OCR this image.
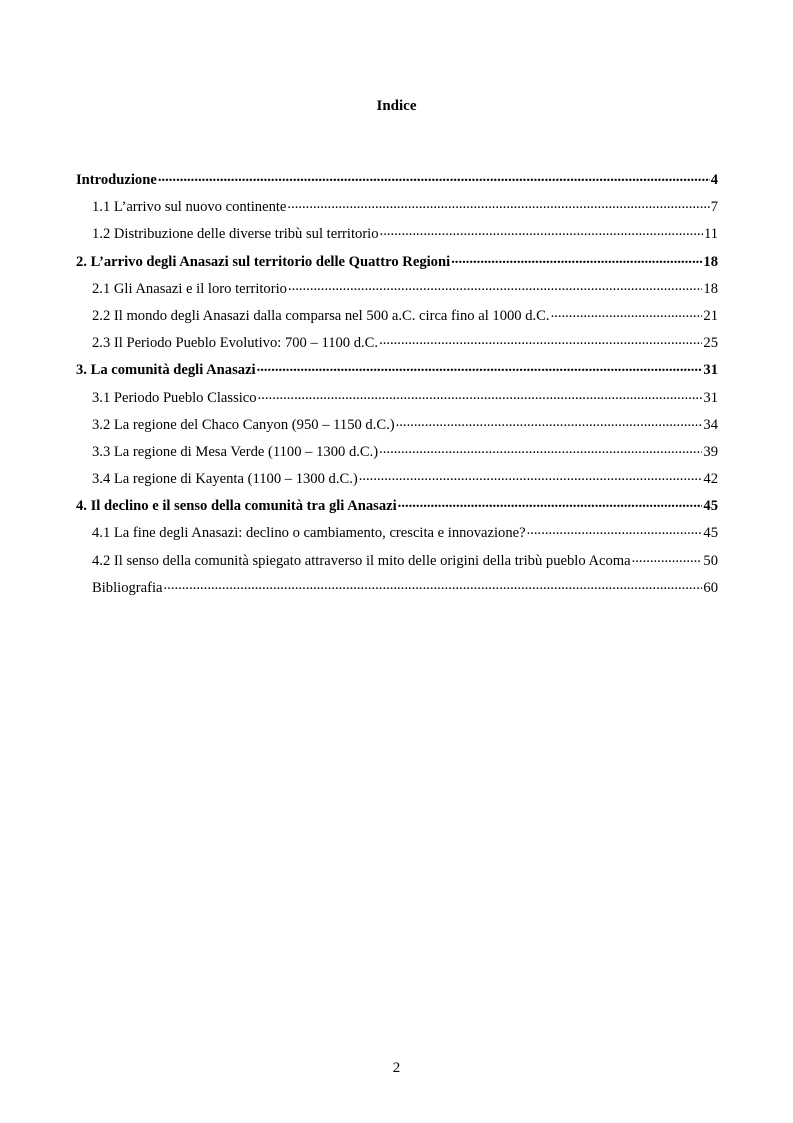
Indice
Introduzione .....	4
1.1 L’arrivo sul nuovo continente .....	7
1.2 Distribuzione delle diverse tribù sul territorio .....	11
2. L’arrivo degli Anasazi sul territorio delle Quattro Regioni .....	18
2.1 Gli Anasazi e il loro territorio .....	18
2.2 Il mondo degli Anasazi dalla comparsa nel 500 a.C. circa fino al 1000 d.C. .....	21
2.3 Il Periodo Pueblo Evolutivo: 700 – 1100 d.C. .....	25
3. La comunità degli Anasazi .....	31
3.1 Periodo Pueblo Classico .....	31
3.2 La regione del Chaco Canyon (950 – 1150 d.C.) .....	34
3.3 La regione di Mesa Verde (1100 – 1300 d.C.) .....	39
3.4 La regione di Kayenta (1100 – 1300 d.C.) .....	42
4. Il declino e il senso della comunità tra gli Anasazi .....	45
4.1 La fine degli Anasazi: declino o cambiamento, crescita e innovazione? .....	45
4.2 Il senso della comunità spiegato attraverso il mito delle origini della tribù pueblo Acoma .....	50
Bibliografia .....	60
2
